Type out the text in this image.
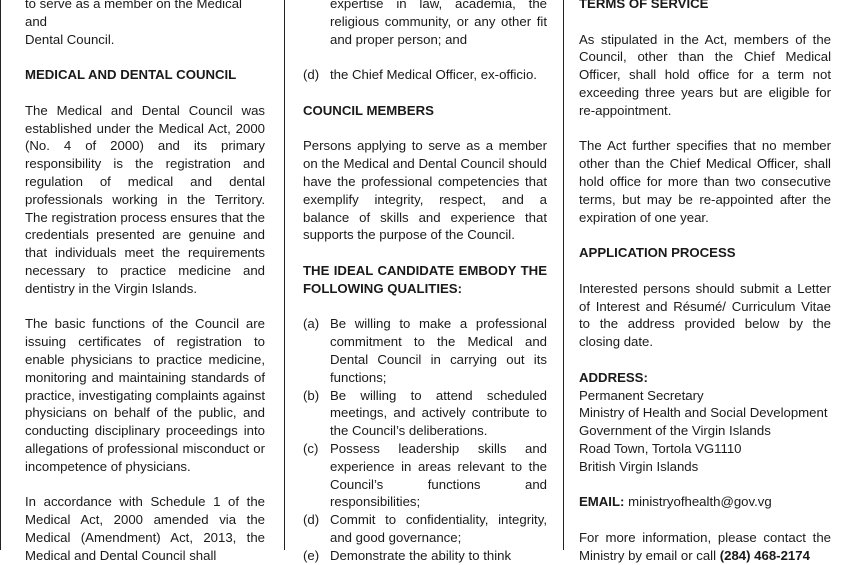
to serve as a member on the Medical and

Dental Council.

MEDICAL AND DENTAL COUNCIL

The Medical and Dental Council was established under the Medical Act, 2000 (No. 4 of 2000) and its primary responsibility is the registration and regulation of medical and dental professionals working in the Territory. The registration process ensures that the credentials presented are genuine and that individuals meet the requirements necessary to practice medicine and dentistry in the Virgin Islands.

The basic functions of the Council are issuing certificates of registration to enable physicians to practice medicine, monitoring and maintaining standards of practice, investigating complaints against physicians on behalf of the public, and conducting disciplinary proceedings into allegations of professional misconduct or incompetence of physicians.

In accordance with Schedule 1 of the Medical Act, 2000 amended via the Medical (Amendment) Act, 2013, the Medical and Dental Council shall

expertise in law, academia, the religious community, or any other fit and proper person; and
(d) the Chief Medical Officer, ex-officio.

COUNCIL MEMBERS

Persons applying to serve as a member on the Medical and Dental Council should have the professional competencies that exemplify integrity, respect, and a balance of skills and experience that supports the purpose of the Council.

THE IDEAL CANDIDATE EMBODY THE FOLLOWING QUALITIES:

(a) Be willing to make a professional commitment to the Medical and Dental Council in carrying out its functions;
(b) Be willing to attend scheduled meetings, and actively contribute to the Council’s deliberations.
(c) Possess leadership skills and experience in areas relevant to the Council’s functions and responsibilities;
(d) Commit to confidentiality, integrity, and good governance;
(e) Demonstrate the ability to think

TERMS OF SERVICE

As stipulated in the Act, members of the Council, other than the Chief Medical Officer, shall hold office for a term not exceeding three years but are eligible for re-appointment.

The Act further specifies that no member other than the Chief Medical Officer, shall hold office for more than two consecutive terms, but may be re-appointed after the expiration of one year.

APPLICATION PROCESS

Interested persons should submit a Letter of Interest and Résumé/ Curriculum Vitae to the address provided below by the closing date.

ADDRESS:

Permanent Secretary

Ministry of Health and Social Development

Government of the Virgin Islands

Road Town, Tortola VG1110

British Virgin Islands

EMAIL: ministryofhealth@gov.vg

For more information, please contact the Ministry by email or call (284) 468-2174
